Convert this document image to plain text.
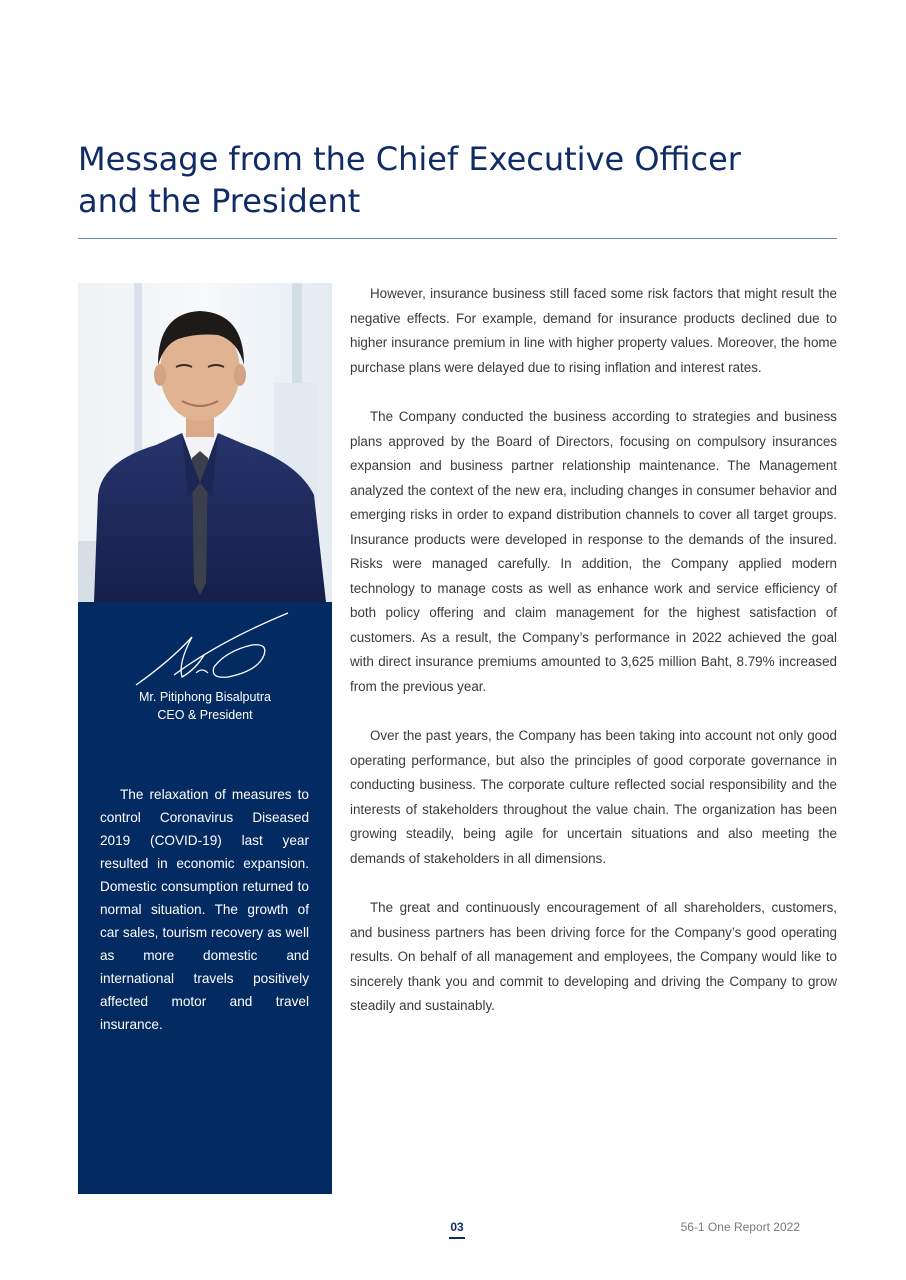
Message from the Chief Executive Officer
and the President
Mr. Pitiphong Bisalputra
CEO & President

The relaxation of measures to control Coronavirus Diseased 2019 (COVID-19) last year resulted in economic expansion. Domestic consumption returned to normal situation. The growth of car sales, tourism recovery as well as more domestic and international travels positively affected motor and travel insurance.

However, insurance business still faced some risk factors that might result the negative effects. For example, demand for insurance products declined due to higher insurance premium in line with higher property values. Moreover, the home purchase plans were delayed due to rising inflation and interest rates.

The Company conducted the business according to strategies and business plans approved by the Board of Directors, focusing on compulsory insurances expansion and business partner relationship maintenance. The Management analyzed the context of the new era, including changes in consumer behavior and emerging risks in order to expand distribution channels to cover all target groups. Insurance products were developed in response to the demands of the insured. Risks were managed carefully. In addition, the Company applied modern technology to manage costs as well as enhance work and service efficiency of both policy offering and claim management for the highest satisfaction of customers. As a result, the Company’s performance in 2022 achieved the goal with direct insurance premiums amounted to 3,625 million Baht, 8.79% increased from the previous year.

Over the past years, the Company has been taking into account not only good operating performance, but also the principles of good corporate governance in conducting business. The corporate culture reflected social responsibility and the interests of stakeholders throughout the value chain. The organization has been growing steadily, being agile for uncertain situations and also meeting the demands of stakeholders in all dimensions.

The great and continuously encouragement of all shareholders, customers, and business partners has been driving force for the Company’s good operating results. On behalf of all management and employees, the Company would like to sincerely thank you and commit to developing and driving the Company to grow steadily and sustainably.

03	56-1 One Report 2022
